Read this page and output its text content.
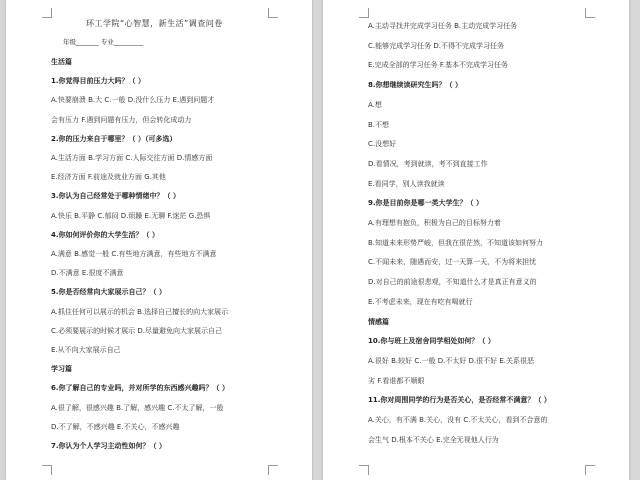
环工学院“心智慧，新生活”调查问卷
年级_______ 专业_________
生活篇
1.你觉得目前压力大吗？（ ）
A.快要崩溃 B.大 C.一般 D.没什么压力 E.遇到问题才
会有压力 F.遇到问题有压力，但会转化成动力
2.你的压力来自于哪里？（ ）（可多选）
A.生活方面 B.学习方面 C.人际交往方面 D.情感方面
E.经济方面 F.前途及就业方面 G.其他
3.你认为自己经常处于哪种情绪中？（ ）
A.快乐 B.平静 C.郁闷 D.烦躁 E.无聊 F.迷茫 G.恐惧
4.你如何评价你的大学生活？（ ）
A.满意 B.感觉一般 C.有些地方满意，有些地方不满意
D.不满意 E.很度不满意
5.你是否经常向大家展示自己？（ ）
A.抓住任何可以展示的机会 B.选择自己擅长的向大家展示
C.必须要展示的时候才展示 D.尽量避免向大家展示自己
E.从不向大家展示自己
学习篇
6.你了解自己的专业吗，并对所学的东西感兴趣吗？（ ）
A.很了解，很感兴趣 B.了解，感兴趣 C.不太了解，一般
D.不了解，不感兴趣 E.不关心，不感兴趣
7.你认为个人学习主动性如何？（ ）
A.主动寻找并完成学习任务 B.主动完成学习任务
C.能够完成学习任务 D.不得不完成学习任务
E.完成全部的学习任务 F.基本不完成学习任务
8.你想继续读研究生吗？（ ）
A.想
B.不想
C.没想好
D.看情况，考到就读，考不到直接工作
E.看同学，别人读我就读
9.你是目前你是哪一类大学生？（ ）
A.有理想有抱负，积极为自己的目标努力着
B.知道未来形势严峻，但我在很茫然，不知道该如何努力
C.不闻未来，随遇而安，过一天算一天，不为将来担忧
D.对自己的前途很悲观，不知道什么才是真正有意义的
E.不考虑未来，现在有吃有喝就行
情感篇
10.你与班上及宿舍同学相处如何？（ ）
A.很好 B.较好 C.一般 D.不太好 D.很不好 E.关系很恶
劣 F.看谁都不顺眼
11.你对周围同学的行为是否关心，是否经常不满意？（ ）
A.关心，有不满 B.关心，没有 C.不太关心，看到不合意的
会生气 D.根本不关心 E.完全无视他人行为
